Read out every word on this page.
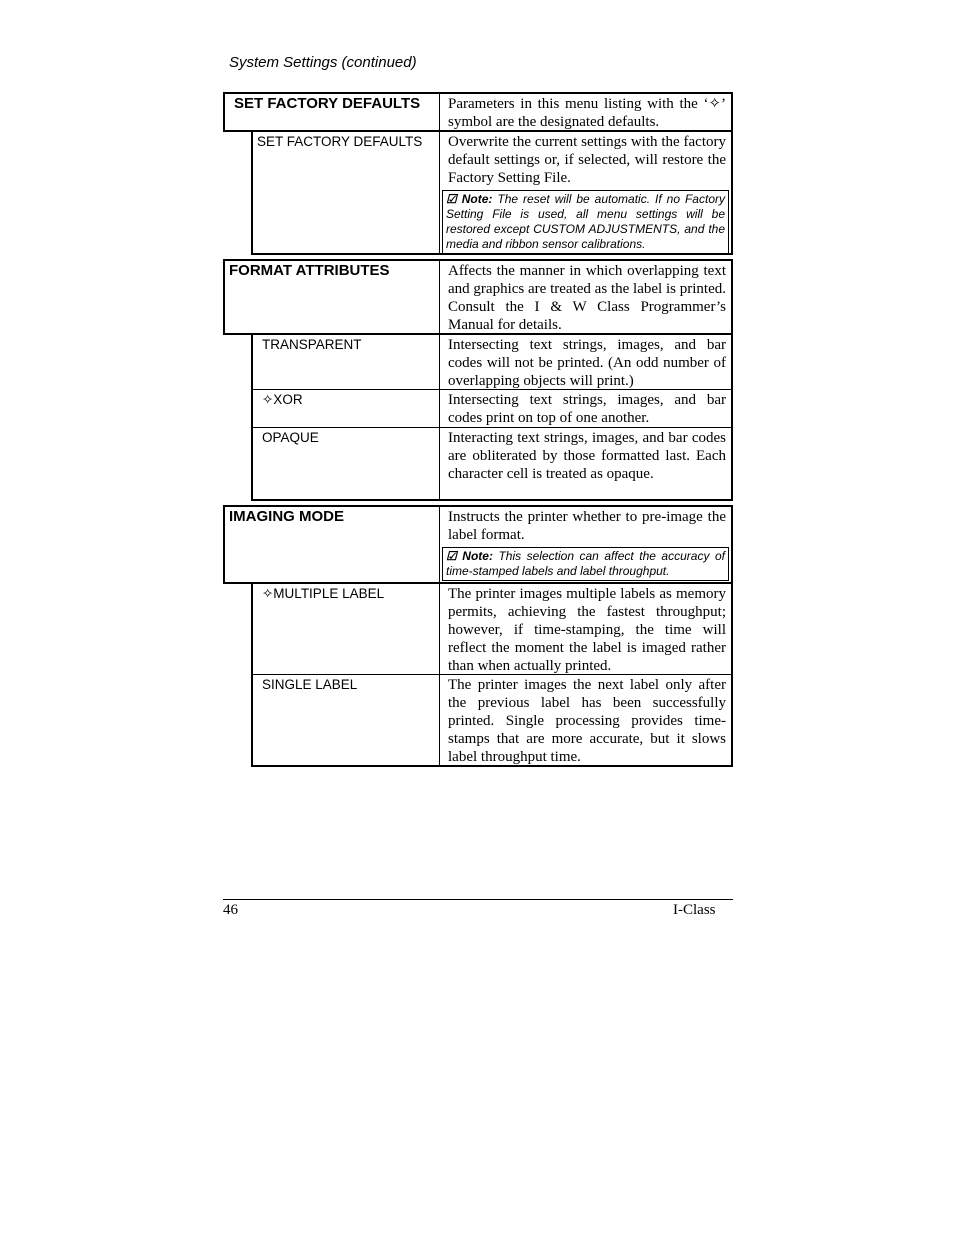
System Settings (continued)
SET FACTORY DEFAULTS	Parameters in this menu listing with the ‘✧’ symbol are the designated defaults.
SET FACTORY DEFAULTS	Overwrite the current settings with the factory default settings or, if selected, will restore the Factory Setting File.
☑ Note: The reset will be automatic. If no Factory Setting File is used, all menu settings will be restored except CUSTOM ADJUSTMENTS, and the media and ribbon sensor calibrations.
FORMAT ATTRIBUTES	Affects the manner in which overlapping text and graphics are treated as the label is printed. Consult the I & W Class Programmer’s Manual for details.
TRANSPARENT	Intersecting text strings, images, and bar codes will not be printed. (An odd number of overlapping objects will print.)
✧XOR	Intersecting text strings, images, and bar codes print on top of one another.
OPAQUE	Interacting text strings, images, and bar codes are obliterated by those formatted last. Each character cell is treated as opaque.
IMAGING MODE	Instructs the printer whether to pre-image the label format.
☑ Note: This selection can affect the accuracy of time-stamped labels and label throughput.
✧MULTIPLE LABEL	The printer images multiple labels as memory permits, achieving the fastest throughput; however, if time-stamping, the time will reflect the moment the label is imaged rather than when actually printed.
SINGLE LABEL	The printer images the next label only after the previous label has been successfully printed. Single processing provides time-stamps that are more accurate, but it slows label throughput time.
46	I-Class
